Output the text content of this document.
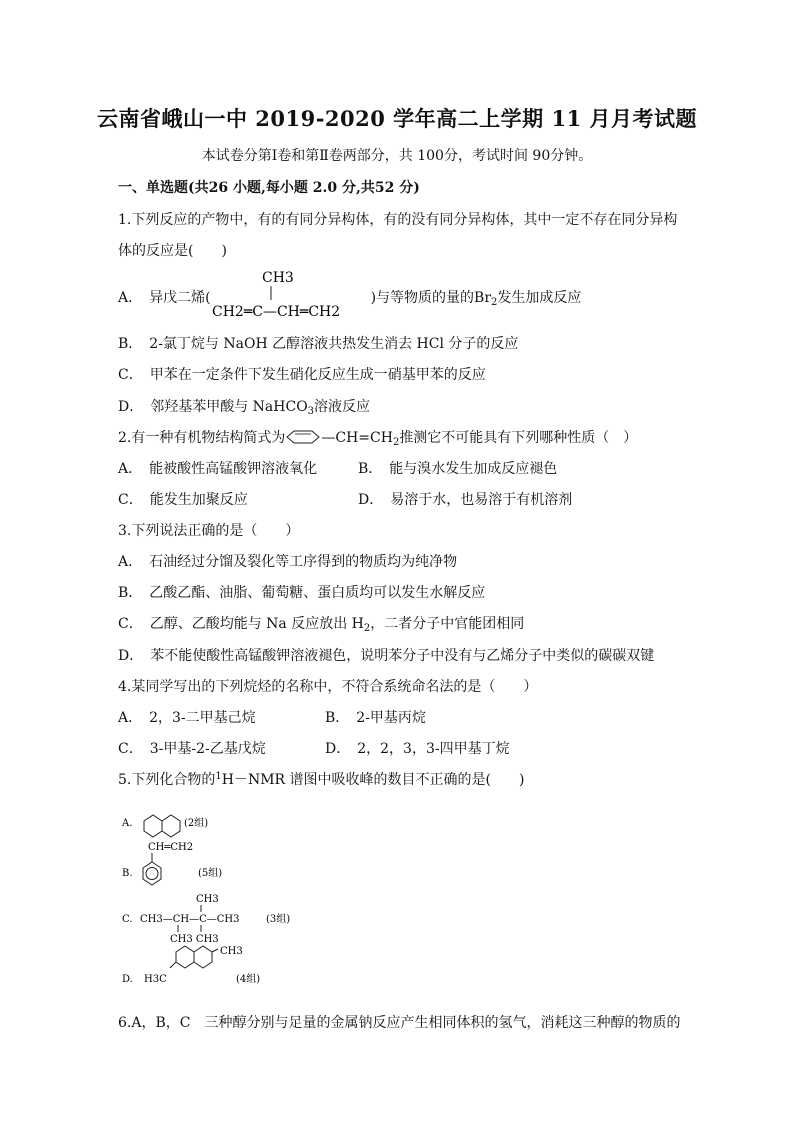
云南省峨山一中 2019-2020 学年高二上学期 11 月月考试题
本试卷分第Ⅰ卷和第Ⅱ卷两部分，共 100分，考试时间 90分钟。
一、单选题(共26 小题,每小题 2.0 分,共52 分)
1.下列反应的产物中，有的有同分异构体，有的没有同分异构体，其中一定不存在同分异构
体的反应是(　　)
A．　异戊二烯(	)与等物质的量的$Br_2$发生加成反应
CH3
CH2═C—CH═CH2
B．　2-氯丁烷与 NaOH 乙醇溶液共热发生消去 HCl 分子的反应
C．　甲苯在一定条件下发生硝化反应生成一硝基甲苯的反应
D．　邻羟基苯甲酸与 NaHCO$_3$溶液反应
2.有一种有机物结构简式为	$—CH=CH_2$推测它不可能具有下列哪种性质（　）
A．　能被酸性高锰酸钾溶液氧化	B．　能与溴水发生加成反应褪色
C．　能发生加聚反应	D．　易溶于水，也易溶于有机溶剂
3.下列说法正确的是（　　）
A．　石油经过分馏及裂化等工序得到的物质均为纯净物
B．　乙酸乙酯、油脂、葡萄糖、蛋白质均可以发生水解反应
C．　乙醇、乙酸均能与 Na 反应放出 $H_2$，二者分子中官能团相同
D．　苯不能使酸性高锰酸钾溶液褪色，说明苯分子中没有与乙烯分子中类似的碳碳双键
4.某同学写出的下列烷烃的名称中，不符合系统命名法的是（　　）
A．　2，3-二甲基己烷	B．　2-甲基丙烷
C．　3-甲基-2-乙基戊烷	D．　2，2，3，3-四甲基丁烷
5.下列化合物的$^1$H－NMR 谱图中吸收峰的数目不正确的是(　　)
A.	(2组)
CH═CH2
B.	(5组)
CH3
C. CH3—CH—C—CH3
CH3 CH3
(3组)
CH3
D. H3C	(4组)
6.A，B，C　三种醇分别与足量的金属钠反应产生相同体积的氢气，消耗这三种醇的物质的
